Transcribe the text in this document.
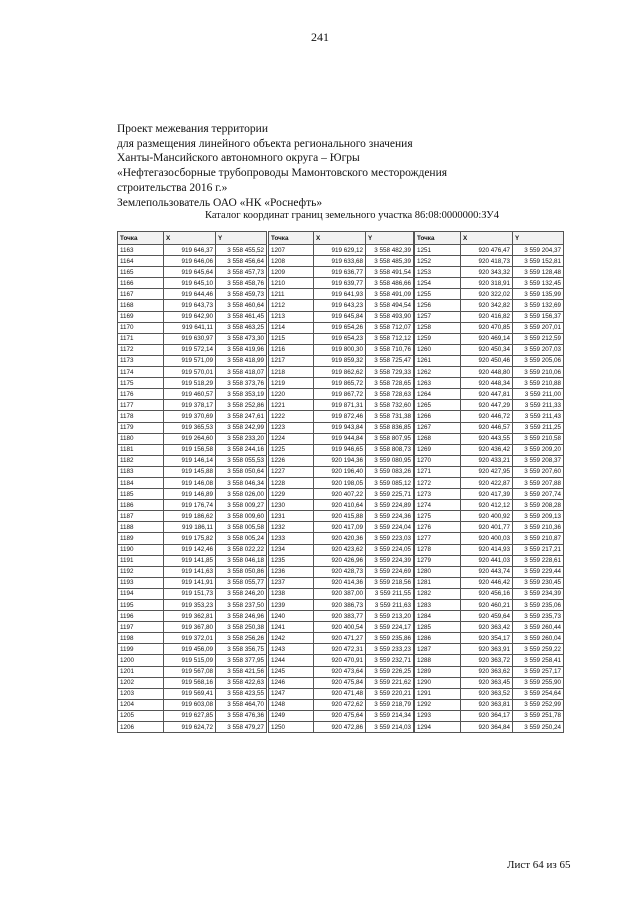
241
Проект межевания территории
для размещения линейного объекта регионального значения
Ханты-Мансийского автономного округа – Югры
«Нефтегазосборные трубопроводы Мамонтовского месторождения
строительства 2016 г.»
Землепользователь ОАО «НК «Роснефть»
Каталог координат границ земельного участка 86:08:0000000:ЗУ4
Точка	X	Y
1163	919 646,37	3 558 455,52
1164	919 646,06	3 558 456,64
1165	919 645,64	3 558 457,73
1166	919 645,10	3 558 458,76
1167	919 644,46	3 558 459,73
1168	919 643,73	3 558 460,64
1169	919 642,90	3 558 461,45
1170	919 641,11	3 558 463,25
1171	919 630,97	3 558 473,30
1172	919 572,14	3 558 419,96
1173	919 571,09	3 558 418,99
1174	919 570,01	3 558 418,07
1175	919 518,29	3 558 373,76
1176	919 460,57	3 558 353,19
1177	919 378,17	3 558 252,86
1178	919 370,69	3 558 247,61
1179	919 365,53	3 558 242,99
1180	919 264,60	3 558 233,20
1181	919 156,58	3 558 244,16
1182	919 146,14	3 558 055,53
1183	919 145,88	3 558 050,64
1184	919 146,08	3 558 046,34
1185	919 146,89	3 558 026,00
1186	919 176,74	3 558 009,27
1187	919 186,62	3 558 009,60
1188	919 186,11	3 558 005,58
1189	919 175,82	3 558 005,24
1190	919 142,46	3 558 022,22
1191	919 141,85	3 558 046,18
1192	919 141,63	3 558 050,86
1193	919 141,91	3 558 055,77
1194	919 151,73	3 558 246,20
1195	919 353,23	3 558 237,50
1196	919 362,81	3 558 246,96
1197	919 367,80	3 558 250,38
1198	919 372,01	3 558 256,26
1199	919 456,09	3 558 356,75
1200	919 515,09	3 558 377,95
1201	919 567,08	3 558 421,56
1202	919 568,16	3 558 422,63
1203	919 569,41	3 558 423,55
1204	919 603,08	3 558 464,70
1205	919 627,85	3 558 476,36
1206	919 624,72	3 558 479,27
Точка	X	Y
1207	919 629,12	3 558 482,39
1208	919 633,68	3 558 485,39
1209	919 636,77	3 558 491,54
1210	919 639,77	3 558 486,66
1211	919 641,93	3 558 491,09
1212	919 643,23	3 558 494,54
1213	919 645,84	3 558 493,90
1214	919 654,26	3 558 712,07
1215	919 654,23	3 558 712,12
1216	919 800,30	3 558 710,76
1217	919 859,32	3 558 725,47
1218	919 862,62	3 558 729,33
1219	919 865,72	3 558 728,65
1220	919 867,72	3 558 728,63
1221	919 871,31	3 558 732,60
1222	919 872,46	3 558 731,38
1223	919 943,84	3 558 836,85
1224	919 944,84	3 558 807,95
1225	919 946,65	3 558 808,73
1226	920 194,36	3 559 080,95
1227	920 196,40	3 559 083,26
1228	920 198,05	3 559 085,12
1229	920 407,22	3 559 225,71
1230	920 410,64	3 559 224,89
1231	920 415,88	3 559 224,36
1232	920 417,09	3 559 224,04
1233	920 420,36	3 559 223,03
1234	920 423,62	3 559 224,05
1235	920 426,96	3 559 224,39
1236	920 428,73	3 559 224,69
1237	920 414,36	3 559 218,56
1238	920 387,00	3 559 211,55
1239	920 386,73	3 559 211,63
1240	920 383,77	3 559 213,20
1241	920 400,54	3 559 224,17
1242	920 471,27	3 559 235,86
1243	920 472,31	3 559 233,23
1244	920 470,91	3 559 232,71
1245	920 473,64	3 559 226,25
1246	920 475,84	3 559 221,62
1247	920 471,48	3 559 220,21
1248	920 472,62	3 559 218,79
1249	920 475,64	3 559 214,34
1250	920 472,86	3 559 214,03
Точка	X	Y
1251	920 476,47	3 559 204,37
1252	920 418,73	3 559 152,81
1253	920 343,32	3 559 128,48
1254	920 318,91	3 559 132,45
1255	920 322,02	3 559 135,99
1256	920 342,82	3 559 132,69
1257	920 416,82	3 559 156,37
1258	920 470,85	3 559 207,01
1259	920 469,14	3 559 212,59
1260	920 450,34	3 559 207,03
1261	920 450,46	3 559 205,06
1262	920 448,80	3 559 210,06
1263	920 448,34	3 559 210,88
1264	920 447,81	3 559 211,00
1265	920 447,29	3 559 211,33
1266	920 446,72	3 559 211,43
1267	920 446,57	3 559 211,25
1268	920 443,55	3 559 210,58
1269	920 436,42	3 559 209,20
1270	920 433,21	3 559 208,37
1271	920 427,95	3 559 207,60
1272	920 422,87	3 559 207,88
1273	920 417,39	3 559 207,74
1274	920 412,12	3 559 208,28
1275	920 400,92	3 559 209,13
1276	920 401,77	3 559 210,36
1277	920 400,03	3 559 210,87
1278	920 414,93	3 559 217,21
1279	920 441,03	3 559 228,61
1280	920 443,74	3 559 229,44
1281	920 446,42	3 559 230,45
1282	920 456,16	3 559 234,39
1283	920 460,21	3 559 235,06
1284	920 459,64	3 559 235,73
1285	920 363,42	3 559 260,44
1286	920 354,17	3 559 260,04
1287	920 363,91	3 559 259,22
1288	920 363,72	3 559 258,41
1289	920 363,62	3 559 257,17
1290	920 363,45	3 559 255,90
1291	920 363,52	3 559 254,64
1292	920 363,81	3 559 252,99
1293	920 364,17	3 559 251,78
1294	920 364,84	3 559 250,24
Лист 64 из 65
